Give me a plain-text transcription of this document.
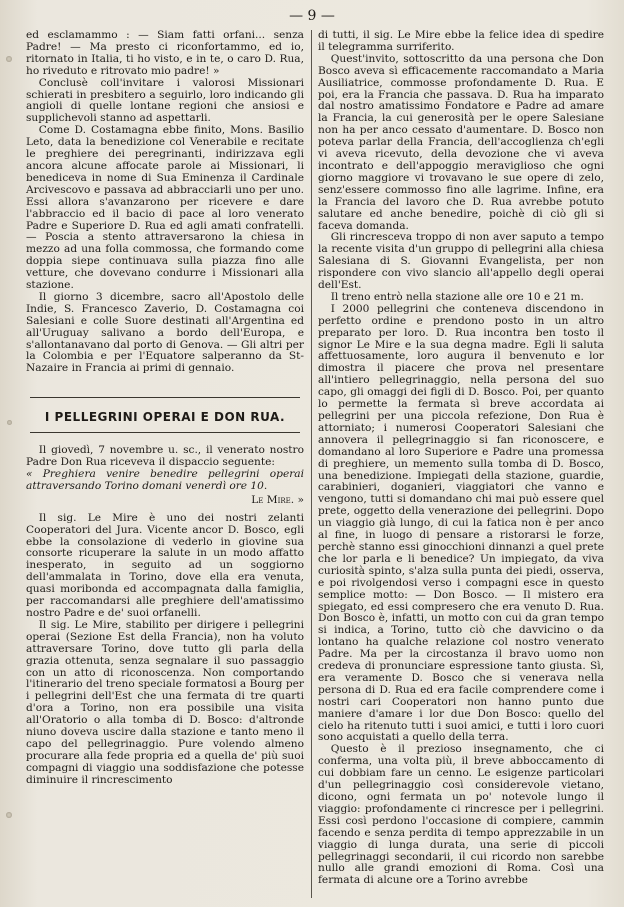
— 9 —

ed esclamammo : — Siam fatti orfani... senza Padre! — Ma presto ci riconfortammo, ed io, ritornato in Italia, ti ho visto, e in te, o caro D. Rua, ho riveduto e ritrovato mio padre! »

Conclusè coll'invitare i valorosi Missionari schierati in presbitero a seguirlo, loro indicando gli angioli di quelle lontane regioni che ansiosi e supplichevoli stanno ad aspettarli.

Come D. Costamagna ebbe finito, Mons. Basilio Leto, data la benedizione col Venerabile e recitate le preghiere dei peregrinanti, indirizzava egli ancora alcune affocate parole ai Missionari, li benediceva in nome di Sua Eminenza il Cardinale Arcivescovo e passava ad abbracciarli uno per uno. Essi allora s'avanzarono per ricevere e dare l'abbraccio ed il bacio di pace al loro venerato Padre e Superiore D. Rua ed agli amati confratelli. — Poscia a stento attraversarono la chiesa in mezzo ad una folla commossa, che formando come doppia siepe continuava sulla piazza fino alle vetture, che dovevano condurre i Missionari alla stazione.

Il giorno 3 dicembre, sacro all'Apostolo delle Indie, S. Francesco Zaverio, D. Costamagna coi Salesiani e colle Suore destinati all'Argentina ed all'Uruguay salivano a bordo dell'Europa, e s'allontanavano dal porto di Genova. — Gli altri per la Colombia e per l'Equatore salperanno da St-Nazaire in Francia ai primi di gennaio.

I PELLEGRINI OPERAI E DON RUA.

Il giovedì, 7 novembre u. sc., il venerato nostro Padre Don Rua riceveva il dispaccio seguente:

« Preghiera venire benedire pellegrini operai attraversando Torino domani venerdì ore 10.

Le Mire. »

Il sig. Le Mire è uno dei nostri zelanti Cooperatori del Jura. Vicente ancor D. Bosco, egli ebbe la consolazione di vederlo in giovine sua consorte ricuperare la salute in un modo affatto inesperato, in seguito ad un soggiorno dell'ammalata in Torino, dove ella era venuta, quasi moribonda ed accompagnata dalla famiglia, per raccomandarsi alle preghiere dell'amatissimo nostro Padre e de' suoi orfanelli.

Il sig. Le Mire, stabilito per dirigere i pellegrini operai (Sezione Est della Francia), non ha voluto attraversare Torino, dove tutto gli parla della grazia ottenuta, senza segnalare il suo passaggio con un atto di riconoscenza. Non comportando l'itinerario del treno speciale formatosi a Bourg per i pellegrini dell'Est che una fermata di tre quarti d'ora a Torino, non era possibile una visita all'Oratorio o alla tomba di D. Bosco: d'altronde niuno doveva uscire dalla stazione e tanto meno il capo del pellegrinaggio. Pure volendo almeno procurare alla fede propria ed a quella de' più suoi compagni di viaggio una soddisfazione che potesse diminuire il rincrescimento

di tutti, il sig. Le Mire ebbe la felice idea di spedire il telegramma surriferito.

Quest'invito, sottoscritto da una persona che Don Bosco aveva sì efficacemente raccomandato a Maria Ausiliatrice, commosse profondamente D. Rua. E poi, era la Francia che passava. D. Rua ha imparato dal nostro amatissimo Fondatore e Padre ad amare la Francia, la cui generosità per le opere Salesiane non ha per anco cessato d'aumentare. D. Bosco non poteva parlar della Francia, dell'accoglienza ch'egli vi aveva ricevuto, della devozione che vi aveva incontrato e dell'appoggio meraviglioso che ogni giorno maggiore vi trovavano le sue opere di zelo, senz'essere commosso fino alle lagrime. Infine, era la Francia del lavoro che D. Rua avrebbe potuto salutare ed anche benedire, poichè di ciò gli si faceva domanda.

Gli rincresceva troppo di non aver saputo a tempo la recente visita d'un gruppo di pellegrini alla chiesa Salesiana di S. Giovanni Evangelista, per non rispondere con vivo slancio all'appello degli operai dell'Est.

Il treno entrò nella stazione alle ore 10 e 21 m.

I 2000 pellegrini che conteneva discendono in perfetto ordine e prendono posto in un altro preparato per loro. D. Rua incontra ben tosto il signor Le Mire e la sua degna madre. Egli li saluta affettuosamente, loro augura il benvenuto e lor dimostra il piacere che prova nel presentare all'intiero pellegrinaggio, nella persona del suo capo, gli omaggi dei figli di D. Bosco. Poi, per quanto lo permette la fermata sì breve accordata ai pellegrini per una piccola refezione, Don Rua è attorniato; i numerosi Cooperatori Salesiani che annovera il pellegrinaggio si fan riconoscere, e domandano al loro Superiore e Padre una promessa di preghiere, un memento sulla tomba di D. Bosco, una benedizione. Impiegati della stazione, guardie, carabinieri, doganieri, viaggiatori che vanno e vengono, tutti si domandano chi mai può essere quel prete, oggetto della venerazione dei pellegrini. Dopo un viaggio già lungo, di cui la fatica non è per anco al fine, in luogo di pensare a ristorarsi le forze, perchè stanno essi ginocchioni dinnanzi a quel prete che lor parla e li benedice? Un impiegato, da viva curiosità spinto, s'alza sulla punta dei piedi, osserva, e poi rivolgendosi verso i compagni esce in questo semplice motto: — Don Bosco. — Il mistero era spiegato, ed essi compresero che era venuto D. Rua. Don Bosco è, infatti, un motto con cui da gran tempo si indica, a Torino, tutto ciò che davvicino o da lontano ha qualche relazione col nostro venerato Padre. Ma per la circostanza il bravo uomo non credeva di pronunciare espressione tanto giusta. Sì, era veramente D. Bosco che si venerava nella persona di D. Rua ed era facile comprendere come i nostri cari Cooperatori non hanno punto due maniere d'amare i lor due Don Bosco: quello del cielo ha ritenuto tutti i suoi amici, e tutti i loro cuori sono acquistati a quello della terra.

Questo è il prezioso insegnamento, che ci conferma, una volta più, il breve abboccamento di cui dobbiam fare un cenno. Le esigenze particolari d'un pellegrinaggio così considerevole vietano, dicono, ogni fermata un po' notevole lungo il viaggio: profondamente ci rincresce per i pellegrini. Essi così perdono l'occasione di compiere, cammin facendo e senza perdita di tempo apprezzabile in un viaggio di lunga durata, una serie di piccoli pellegrinaggi secondarii, il cui ricordo non sarebbe nullo alle grandi emozioni di Roma. Così una fermata di alcune ore a Torino avrebbe
